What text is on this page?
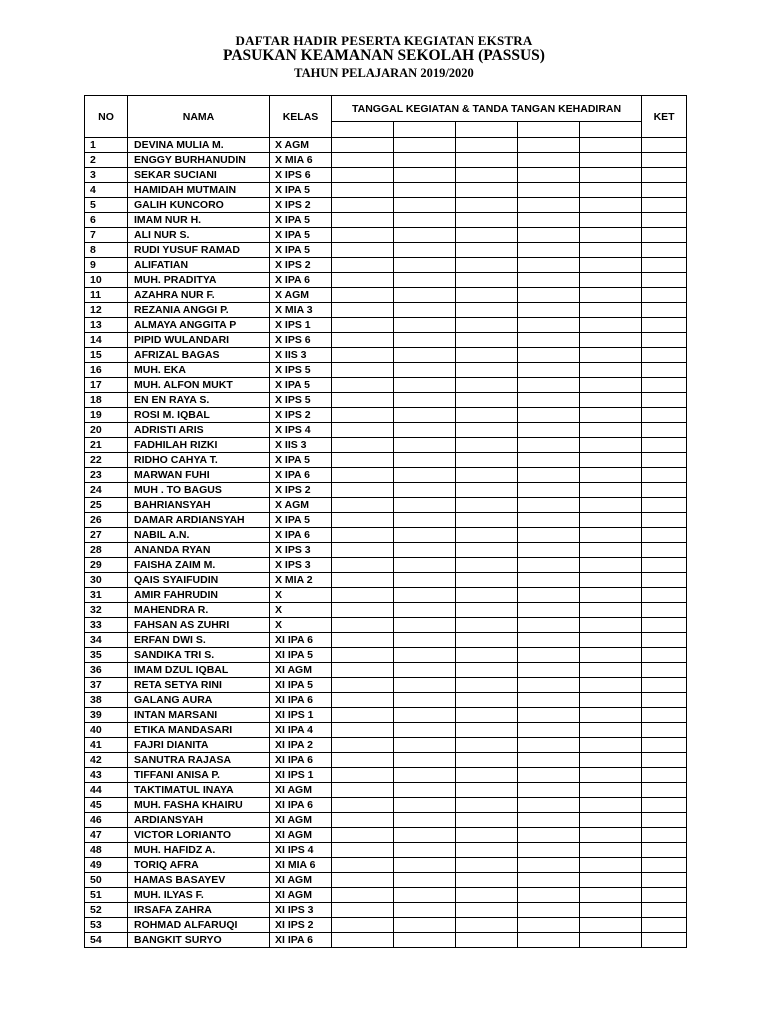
DAFTAR HADIR PESERTA KEGIATAN EKSTRA

PASUKAN KEAMANAN SEKOLAH (PASSUS)

TAHUN PELAJARAN 2019/2020

NO	NAMA	KELAS	TANGGAL KEGIATAN & TANDA TANGAN KEHADIRAN					KET

1	DEVINA MULIA M.	X AGM						
2	ENGGY BURHANUDIN	X MIA 6						
3	SEKAR SUCIANI	X IPS 6						
4	HAMIDAH MUTMAIN	X IPA 5						
5	GALIH KUNCORO	X IPS 2						
6	IMAM NUR H.	X IPA 5						
7	ALI NUR S.	X IPA 5						
8	RUDI YUSUF RAMAD	X IPA 5						
9	ALIFATIAN	X IPS 2						
10	MUH. PRADITYA	X IPA 6						
11	AZAHRA NUR F.	X AGM						
12	REZANIA ANGGI P.	X MIA 3						
13	ALMAYA ANGGITA P	X IPS 1						
14	PIPID WULANDARI	X IPS 6						
15	AFRIZAL BAGAS	X IIS 3						
16	MUH. EKA	X IPS 5						
17	MUH. ALFON MUKT	X IPA 5						
18	EN EN RAYA S.	X IPS 5						
19	ROSI M. IQBAL	X IPS 2						
20	ADRISTI ARIS	X IPS 4						
21	FADHILAH RIZKI	X IIS 3						
22	RIDHO CAHYA T.	X IPA 5						
23	MARWAN FUHI	X IPA 6						
24	MUH . TO BAGUS	X IPS 2						
25	BAHRIANSYAH	X AGM						
26	DAMAR ARDIANSYAH	X IPA 5						
27	NABIL A.N.	X IPA 6						
28	ANANDA RYAN	X IPS 3						
29	FAISHA ZAIM M.	X IPS 3						
30	QAIS SYAIFUDIN	X MIA 2						
31	AMIR FAHRUDIN	X						
32	MAHENDRA R.	X						
33	FAHSAN AS ZUHRI	X						
34	ERFAN DWI S.	XI IPA 6						
35	SANDIKA TRI S.	XI IPA 5						
36	IMAM DZUL IQBAL	XI AGM						
37	RETA SETYA RINI	XI IPA 5						
38	GALANG AURA	XI IPA 6						
39	INTAN MARSANI	XI IPS 1						
40	ETIKA MANDASARI	XI IPA 4						
41	FAJRI DIANITA	XI IPA 2						
42	SANUTRA RAJASA	XI IPA 6						
43	TIFFANI ANISA P.	XI IPS 1						
44	TAKTIMATUL INAYA	XI AGM						
45	MUH. FASHA KHAIRU	XI IPA 6						
46	ARDIANSYAH	XI AGM						
47	VICTOR LORIANTO	XI AGM						
48	MUH. HAFIDZ A.	XI IPS 4						
49	TORIQ AFRA	XI MIA 6						
50	HAMAS BASAYEV	XI AGM						
51	MUH. ILYAS F.	XI AGM						
52	IRSAFA ZAHRA	XI IPS 3						
53	ROHMAD ALFARUQI	XI IPS 2						
54	BANGKIT SURYO	XI IPA 6						
